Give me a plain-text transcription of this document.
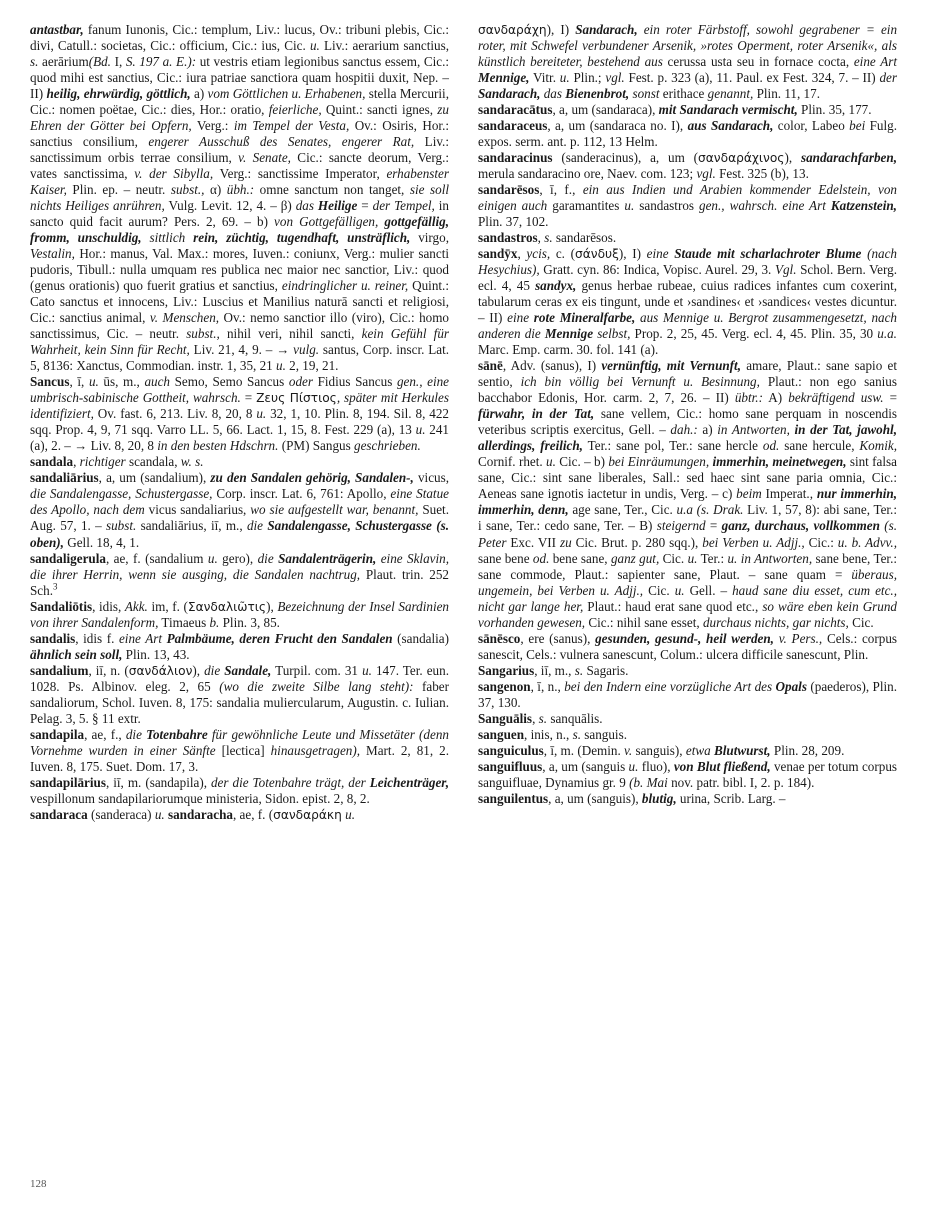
antastbar, fanum Iunonis, Cic.: templum, Liv.: lucus, Ov.: tribuni plebis, Cic.: divi, Catull.: societas, Cic.: officium, Cic.: ius, Cic. u. Liv.: aerarium sanctius, s. aerārium(Bd. I, S. 197 a. E.): ut vestris etiam legionibus sanctus essem, Cic.: quod mihi est sanctius, Cic.: iura patriae sanctiora quam hospitii duxit, Nep. – II) heilig, ehrwürdig, göttlich, a) vom Göttlichen u. Erhabenen, stella Mercurii, Cic.: nomen poëtae, Cic.: dies, Hor.: oratio, feierliche, Quint.: sancti ignes, zu Ehren der Götter bei Opfern, Verg.: im Tempel der Vesta, Ov.: Osiris, Hor.: sanctius consilium, engerer Ausschuß des Senates, engerer Rat, Liv.: sanctissimum orbis terrae consilium, v. Senate, Cic.: sancte deorum, Verg.: vates sanctissima, v. der Sibylla, Verg.: sanctissime Imperator, erhabenster Kaiser, Plin. ep. – neutr. subst., α) übh.: omne sanctum non tanget, sie soll nichts Heiliges anrühren, Vulg. Levit. 12, 4. – β) das Heilige = der Tempel, in sancto quid facit aurum? Pers. 2, 69. – b) von Gottgefälligen, gottgefällig, fromm, unschuldig, sittlich rein, züchtig, tugendhaft, unsträflich, virgo, Vestalin, Hor.: manus, Val. Max.: mores, Iuven.: coniunx, Verg.: mulier sancti pudoris, Tibull.: nulla umquam res publica nec maior nec sanctior, Liv.: quod (genus orationis) quo fuerit gratius et sanctius, eindringlicher u. reiner, Quint.: Cato sanctus et innocens, Liv.: Luscius et Manilius naturā sancti et religiosi, Cic.: sanctius animal, v. Menschen, Ov.: nemo sanctior illo (viro), Cic.: homo sanctissimus, Cic. – neutr. subst., nihil veri, nihil sancti, kein Gefühl für Wahrheit, kein Sinn für Recht, Liv. 21, 4, 9. – → vulg. santus, Corp. inscr. Lat. 5, 8136: Xanctus, Commodian. instr. 1, 35, 21 u. 2, 19, 21.

Sancus, ī, u. ūs, m., auch Semo, Semo Sancus oder Fidius Sancus gen., eine umbrisch-sabinische Gottheit, wahrsch. = Ζευς Πίστιος, später mit Herkules identifiziert, Ov. fast. 6, 213. Liv. 8, 20, 8 u. 32, 1, 10. Plin. 8, 194. Sil. 8, 422 sqq. Prop. 4, 9, 71 sqq. Varro LL. 5, 66. Lact. 1, 15, 8. Fest. 229 (a), 13 u. 241 (a), 2. – → Liv. 8, 20, 8 in den besten Hdschrn. (PM) Sangus geschrieben.

sandala, richtiger scandala, w. s.

sandaliārius, a, um (sandalium), zu den Sandalen gehörig, Sandalen-, vicus, die Sandalengasse, Schustergasse, Corp. inscr. Lat. 6, 761: Apollo, eine Statue des Apollo, nach dem vicus sandaliarius, wo sie aufgestellt war, benannt, Suet. Aug. 57, 1. – subst. sandaliārius, iī, m., die Sandalengasse, Schustergasse (s. oben), Gell. 18, 4, 1.

sandaligerula, ae, f. (sandalium u. gero), die Sandalenträgerin, eine Sklavin, die ihrer Herrin, wenn sie ausging, die Sandalen nachtrug, Plaut. trin. 252 Sch.$^3$

Sandaliōtis, idis, Akk. im, f. (Σανδαλιῶτις), Bezeichnung der Insel Sardinien von ihrer Sandalenform, Timaeus b. Plin. 3, 85.

sandalis, idis f. eine Art Palmbäume, deren Frucht den Sandalen (sandalia) ähnlich sein soll, Plin. 13, 43.

sandalium, iī, n. (σανδάλιον), die Sandale, Turpil. com. 31 u. 147. Ter. eun. 1028. Ps. Albinov. eleg. 2, 65 (wo die zweite Silbe lang steht): faber sandaliorum, Schol. Iuven. 8, 175: sandalia muliercularum, Augustin. c. Iulian. Pelag. 3, 5. § 11 extr.

sandapila, ae, f., die Totenbahre für gewöhnliche Leute und Missetäter (denn Vornehme wurden in einer Sänfte [lectica] hinausgetragen), Mart. 2, 81, 2. Iuven. 8, 175. Suet. Dom. 17, 3.

sandapilārius, iī, m. (sandapila), der die Totenbahre trägt, der Leichenträger, vespillonum sandapilariorumque ministeria, Sidon. epist. 2, 8, 2.

sandaraca (sanderaca) u. sandaracha, ae, f. (σανδαράκη u.

σανδαράχη), I) Sandarach, ein roter Färbstoff, sowohl gegrabener = ein roter, mit Schwefel verbundener Arsenik, »rotes Operment, roter Arsenik«, als künstlich bereiteter, bestehend aus cerussa usta seu in fornace cocta, eine Art Mennige, Vitr. u. Plin.; vgl. Fest. p. 323 (a), 11. Paul. ex Fest. 324, 7. – II) der Sandarach, das Bienenbrot, sonst erithace genannt, Plin. 11, 17.

sandaracātus, a, um (sandaraca), mit Sandarach vermischt, Plin. 35, 177.

sandaraceus, a, um (sandaraca no. I), aus Sandarach, color, Labeo bei Fulg. expos. serm. ant. p. 112, 13 Helm.

sandaracinus (sanderacinus), a, um (σανδαράχινος), sandarachfarben, merula sandaracino ore, Naev. com. 123; vgl. Fest. 325 (b), 13.

sandarēsos, ī, f., ein aus Indien und Arabien kommender Edelstein, von einigen auch garamantites u. sandastros gen., wahrsch. eine Art Katzenstein, Plin. 37, 102.

sandastros, s. sandarēsos.

sandȳx, ycis, c. (σάνδυξ), I) eine Staude mit scharlachroter Blume (nach Hesychius), Gratt. cyn. 86: Indica, Vopisc. Aurel. 29, 3. Vgl. Schol. Bern. Verg. ecl. 4, 45 sandyx, genus herbae rubeae, cuius radices infantes cum coxerint, tabularum ceras ex eis tingunt, unde et ›sandines‹ et ›sandices‹ vestes dicuntur. – II) eine rote Mineralfarbe, aus Mennige u. Bergrot zusammengesetzt, nach anderen die Mennige selbst, Prop. 2, 25, 45. Verg. ecl. 4, 45. Plin. 35, 30 u.a. Marc. Emp. carm. 30. fol. 141 (a).

sānē, Adv. (sanus), I) vernünftig, mit Vernunft, amare, Plaut.: sane sapio et sentio, ich bin völlig bei Vernunft u. Besinnung, Plaut.: non ego sanius bacchabor Edonis, Hor. carm. 2, 7, 26. – II) übtr.: A) bekräftigend usw. = fürwahr, in der Tat, sane vellem, Cic.: homo sane perquam in noscendis veteribus scriptis exercitus, Gell. – dah.: a) in Antworten, in der Tat, jawohl, allerdings, freilich, Ter.: sane pol, Ter.: sane hercle od. sane hercule, Komik, Cornif. rhet. u. Cic. – b) bei Einräumungen, immerhin, meinetwegen, sint falsa sane, Cic.: sint sane liberales, Sall.: sed haec sint sane paria omnia, Cic.: Aeneas sane ignotis iactetur in undis, Verg. – c) beim Imperat., nur immerhin, immerhin, denn, age sane, Ter., Cic. u.a (s. Drak. Liv. 1, 57, 8): abi sane, Ter.: i sane, Ter.: cedo sane, Ter. – B) steigernd = ganz, durchaus, vollkommen (s. Peter Exc. VII zu Cic. Brut. p. 280 sqq.), bei Verben u. Adjj., Cic.: u. b. Advv., sane bene od. bene sane, ganz gut, Cic. u. Ter.: u. in Antworten, sane bene, Ter.: sane commode, Plaut.: sapienter sane, Plaut. – sane quam = überaus, ungemein, bei Verben u. Adjj., Cic. u. Gell. – haud sane diu esset, cum etc., nicht gar lange her, Plaut.: haud erat sane quod etc., so wäre eben kein Grund vorhanden gewesen, Cic.: nihil sane esset, durchaus nichts, gar nichts, Cic.

sānēsco, ere (sanus), gesunden, gesund-, heil werden, v. Pers., Cels.: corpus sanescit, Cels.: vulnera sanescunt, Colum.: ulcera difficile sanescunt, Plin.

Sangarius, iī, m., s. Sagaris.

sangenon, ī, n., bei den Indern eine vorzügliche Art des Opals (paederos), Plin. 37, 130.

Sanguālis, s. sanquālis.

sanguen, inis, n., s. sanguis.

sanguiculus, ī, m. (Demin. v. sanguis), etwa Blutwurst, Plin. 28, 209.

sanguifluus, a, um (sanguis u. fluo), von Blut fließend, venae per totum corpus sanguifluae, Dynamius gr. 9 (b. Mai nov. patr. bibl. I, 2. p. 184).

sanguilentus, a, um (sanguis), blutig, urina, Scrib. Larg. –

128
